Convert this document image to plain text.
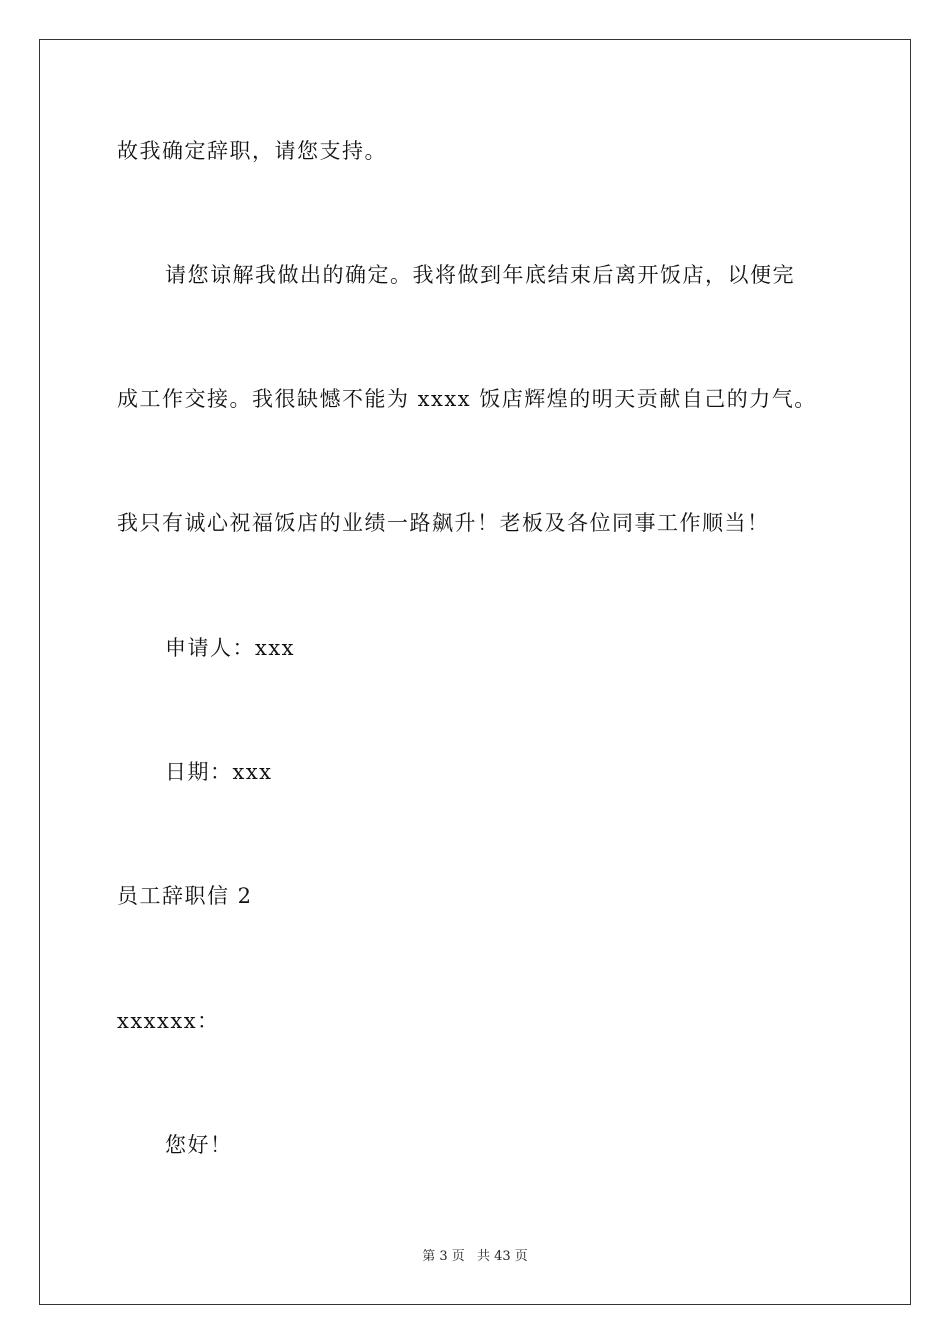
故我确定辞职，请您支持。
请您谅解我做出的确定。我将做到年底结束后离开饭店，以便完
成工作交接。我很缺憾不能为 xxxx 饭店辉煌的明天贡献自己的力气。
我只有诚心祝福饭店的业绩一路飙升！老板及各位同事工作顺当！
申请人：xxx
日期：xxx
员工辞职信 2
xxxxxx：
您好！
第 3 页 共 43 页
